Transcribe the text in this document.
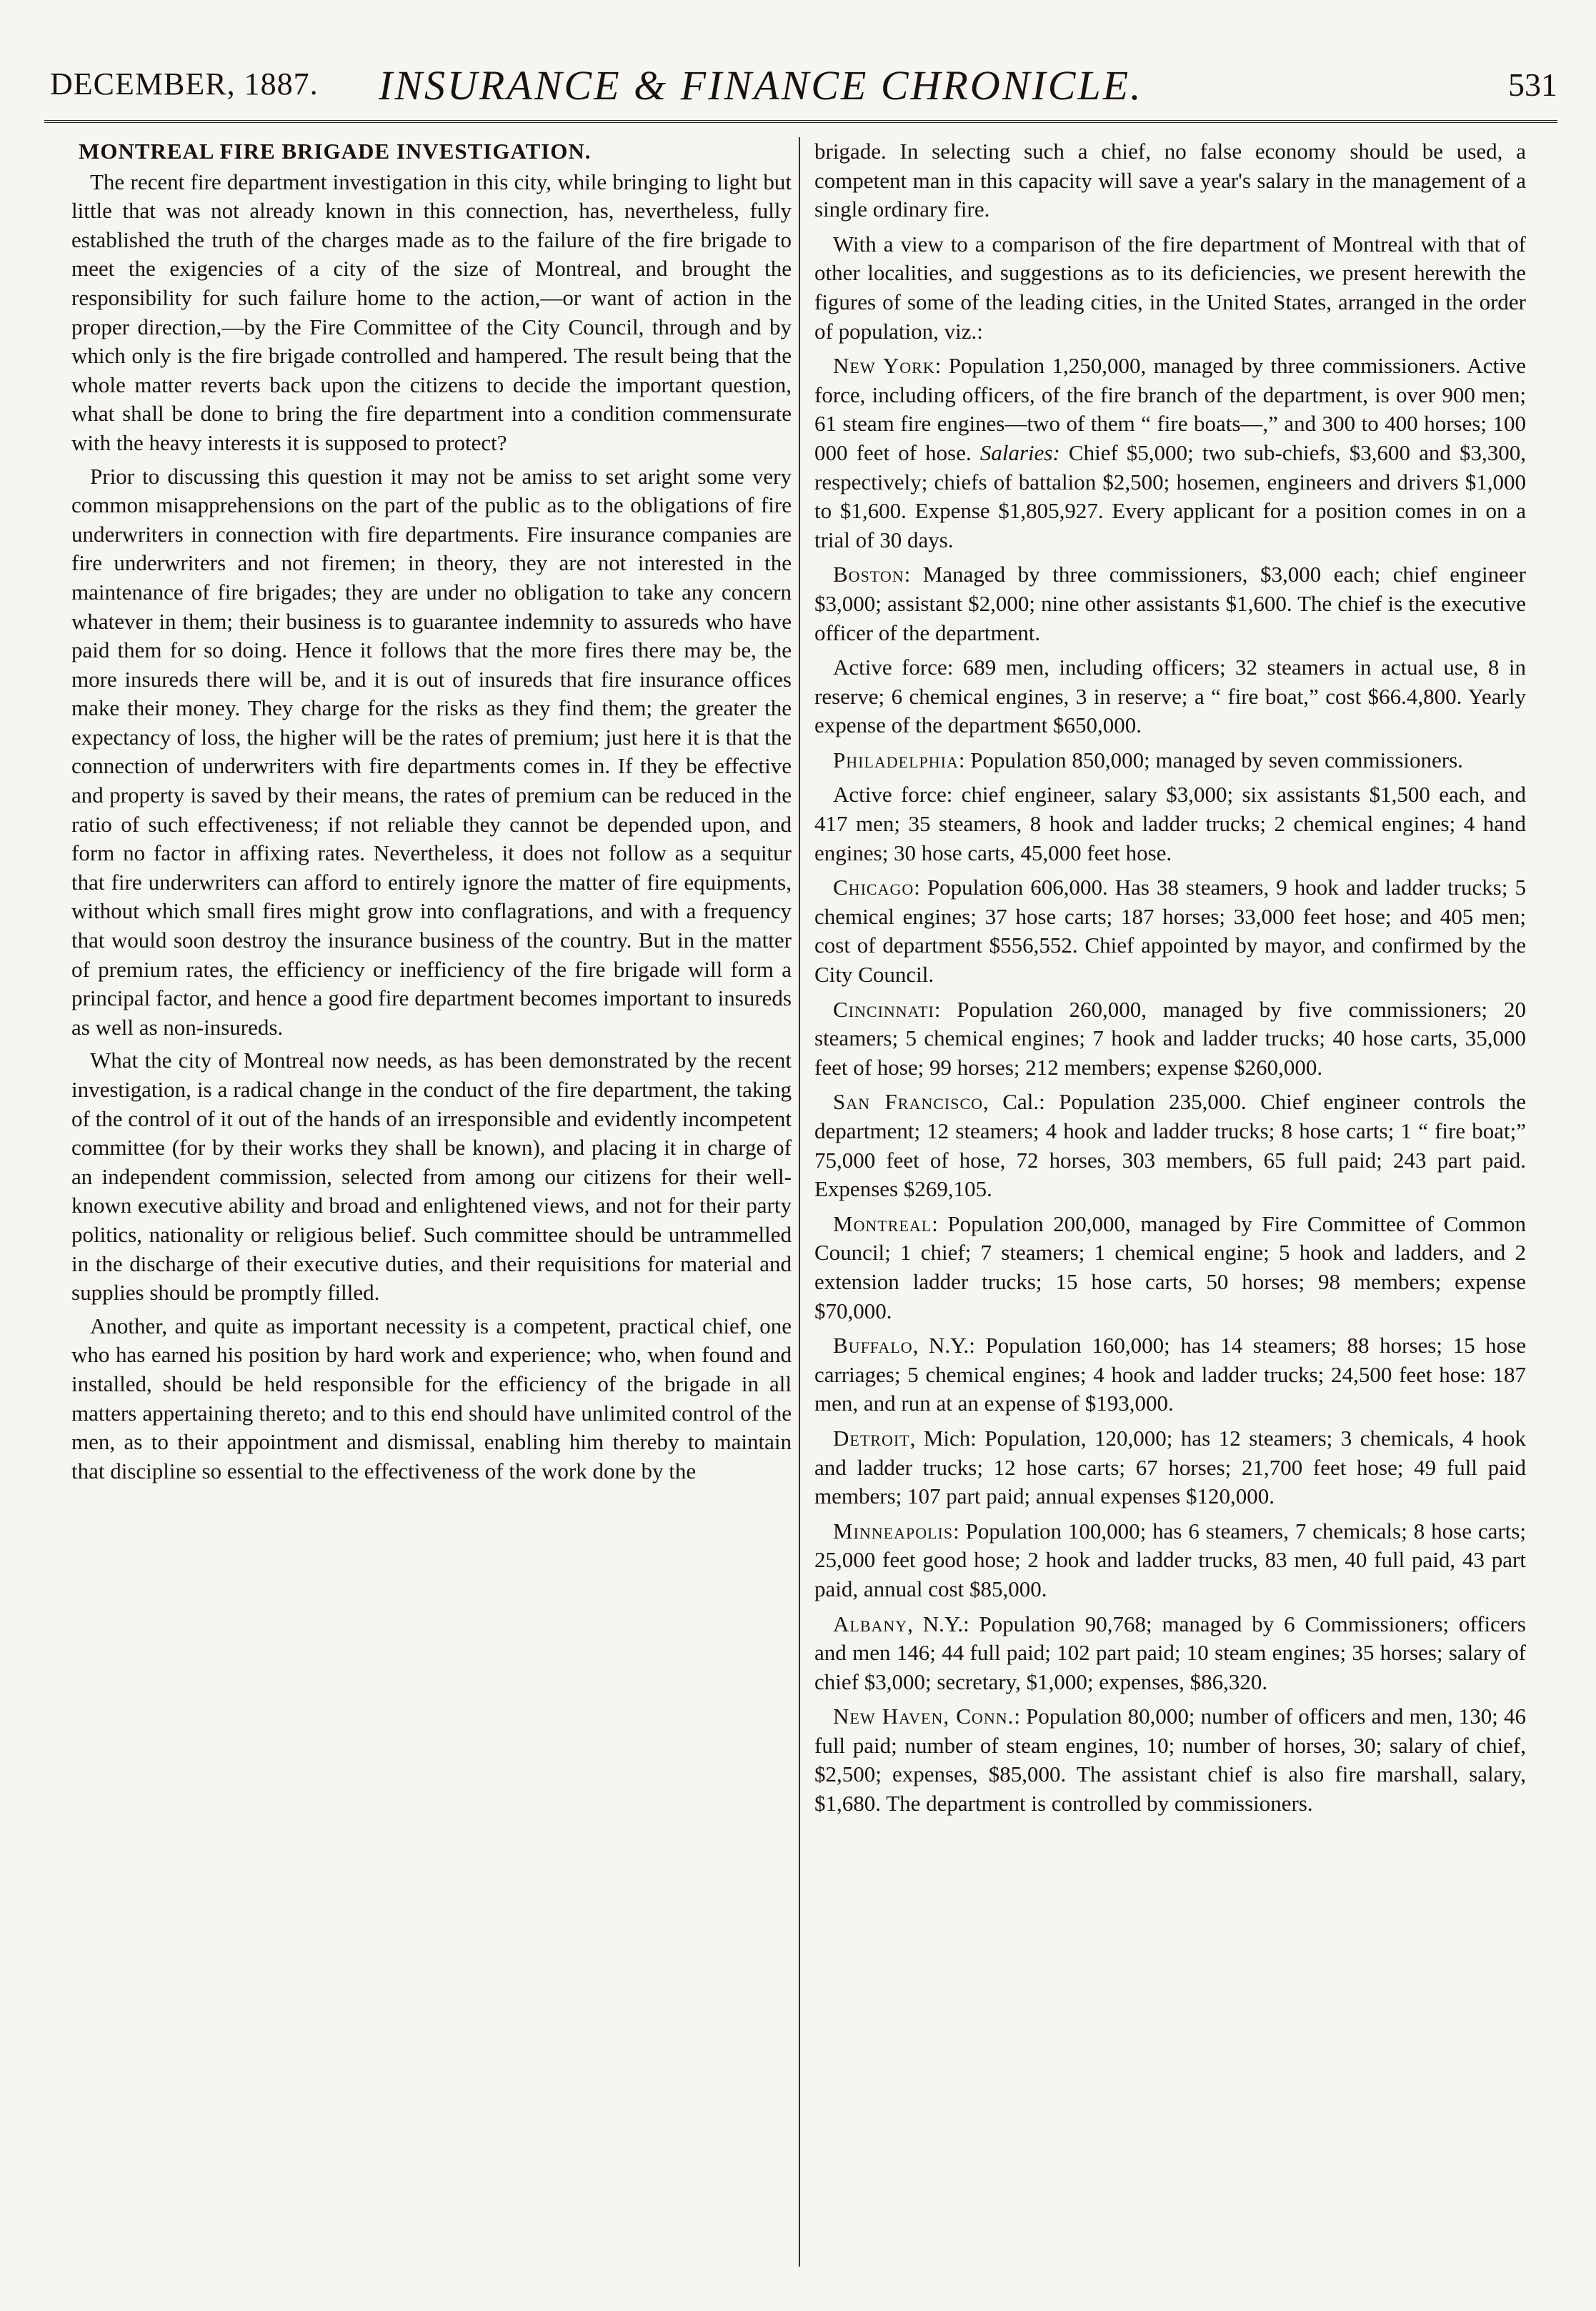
DECEMBER, 1887. INSURANCE & FINANCE CHRONICLE.	531
MONTREAL FIRE BRIGADE INVESTIGATION.

The recent fire department investigation in this city, while bringing to light but little that was not already known in this connection, has, nevertheless, fully established the truth of the charges made as to the failure of the fire brigade to meet the exigencies of a city of the size of Montreal, and brought the responsibility for such failure home to the action,—or want of action in the proper direction,—by the Fire Committee of the City Council, through and by which only is the fire brigade controlled and hampered. The result being that the whole matter reverts back upon the citizens to decide the important question, what shall be done to bring the fire department into a condition commensurate with the heavy interests it is supposed to protect?

Prior to discussing this question it may not be amiss to set aright some very common misapprehensions on the part of the public as to the obligations of fire underwriters in connection with fire departments. Fire insurance companies are fire underwriters and not firemen; in theory, they are not interested in the maintenance of fire brigades; they are under no obligation to take any concern whatever in them; their business is to guarantee indemnity to assureds who have paid them for so doing. Hence it follows that the more fires there may be, the more insureds there will be, and it is out of insureds that fire insurance offices make their money. They charge for the risks as they find them; the greater the expectancy of loss, the higher will be the rates of premium; just here it is that the connection of underwriters with fire departments comes in. If they be effective and property is saved by their means, the rates of premium can be reduced in the ratio of such effectiveness; if not reliable they cannot be depended upon, and form no factor in affixing rates. Nevertheless, it does not follow as a sequitur that fire underwriters can afford to entirely ignore the matter of fire equipments, without which small fires might grow into conflagrations, and with a frequency that would soon destroy the insurance business of the country. But in the matter of premium rates, the efficiency or inefficiency of the fire brigade will form a principal factor, and hence a good fire department becomes important to insureds as well as non-insureds.

What the city of Montreal now needs, as has been demonstrated by the recent investigation, is a radical change in the conduct of the fire department, the taking of the control of it out of the hands of an irresponsible and evidently incompetent committee (for by their works they shall be known), and placing it in charge of an independent commission, selected from among our citizens for their well-known executive ability and broad and enlightened views, and not for their party politics, nationality or religious belief. Such committee should be untrammelled in the discharge of their executive duties, and their requisitions for material and supplies should be promptly filled.

Another, and quite as important necessity is a competent, practical chief, one who has earned his position by hard work and experience; who, when found and installed, should be held responsible for the efficiency of the brigade in all matters appertaining thereto; and to this end should have unlimited control of the men, as to their appointment and dismissal, enabling him thereby to maintain that discipline so essential to the effectiveness of the work done by the

brigade. In selecting such a chief, no false economy should be used, a competent man in this capacity will save a year's salary in the management of a single ordinary fire.

With a view to a comparison of the fire department of Montreal with that of other localities, and suggestions as to its deficiencies, we present herewith the figures of some of the leading cities, in the United States, arranged in the order of population, viz.:

New York: Population 1,250,000, managed by three commissioners. Active force, including officers, of the fire branch of the department, is over 900 men; 61 steam fire engines—two of them “ fire boats—,” and 300 to 400 horses; 100 000 feet of hose. Salaries: Chief $5,000; two sub-chiefs, $3,600 and $3,300, respectively; chiefs of battalion $2,500; hosemen, engineers and drivers $1,000 to $1,600. Expense $1,805,927. Every applicant for a position comes in on a trial of 30 days.

Boston: Managed by three commissioners, $3,000 each; chief engineer $3,000; assistant $2,000; nine other assistants $1,600. The chief is the executive officer of the department.

Active force: 689 men, including officers; 32 steamers in actual use, 8 in reserve; 6 chemical engines, 3 in reserve; a “ fire boat,” cost $66.4,800. Yearly expense of the department $650,000.

Philadelphia: Population 850,000; managed by seven commissioners.

Active force: chief engineer, salary $3,000; six assistants $1,500 each, and 417 men; 35 steamers, 8 hook and ladder trucks; 2 chemical engines; 4 hand engines; 30 hose carts, 45,000 feet hose.

Chicago: Population 606,000. Has 38 steamers, 9 hook and ladder trucks; 5 chemical engines; 37 hose carts; 187 horses; 33,000 feet hose; and 405 men; cost of department $556,552. Chief appointed by mayor, and confirmed by the City Council.

Cincinnati: Population 260,000, managed by five commissioners; 20 steamers; 5 chemical engines; 7 hook and ladder trucks; 40 hose carts, 35,000 feet of hose; 99 horses; 212 members; expense $260,000.

San Francisco, Cal.: Population 235,000. Chief engineer controls the department; 12 steamers; 4 hook and ladder trucks; 8 hose carts; 1 “ fire boat;” 75,000 feet of hose, 72 horses, 303 members, 65 full paid; 243 part paid. Expenses $269,105.

Montreal: Population 200,000, managed by Fire Committee of Common Council; 1 chief; 7 steamers; 1 chemical engine; 5 hook and ladders, and 2 extension ladder trucks; 15 hose carts, 50 horses; 98 members; expense $70,000.

Buffalo, N.Y.: Population 160,000; has 14 steamers; 88 horses; 15 hose carriages; 5 chemical engines; 4 hook and ladder trucks; 24,500 feet hose: 187 men, and run at an expense of $193,000.

Detroit, Mich: Population, 120,000; has 12 steamers; 3 chemicals, 4 hook and ladder trucks; 12 hose carts; 67 horses; 21,700 feet hose; 49 full paid members; 107 part paid; annual expenses $120,000.

Minneapolis: Population 100,000; has 6 steamers, 7 chemicals; 8 hose carts; 25,000 feet good hose; 2 hook and ladder trucks, 83 men, 40 full paid, 43 part paid, annual cost $85,000.

Albany, N.Y.: Population 90,768; managed by 6 Commissioners; officers and men 146; 44 full paid; 102 part paid; 10 steam engines; 35 horses; salary of chief $3,000; secretary, $1,000; expenses, $86,320.

New Haven, Conn.: Population 80,000; number of officers and men, 130; 46 full paid; number of steam engines, 10; number of horses, 30; salary of chief, $2,500; expenses, $85,000. The assistant chief is also fire marshall, salary, $1,680. The department is controlled by commissioners.
